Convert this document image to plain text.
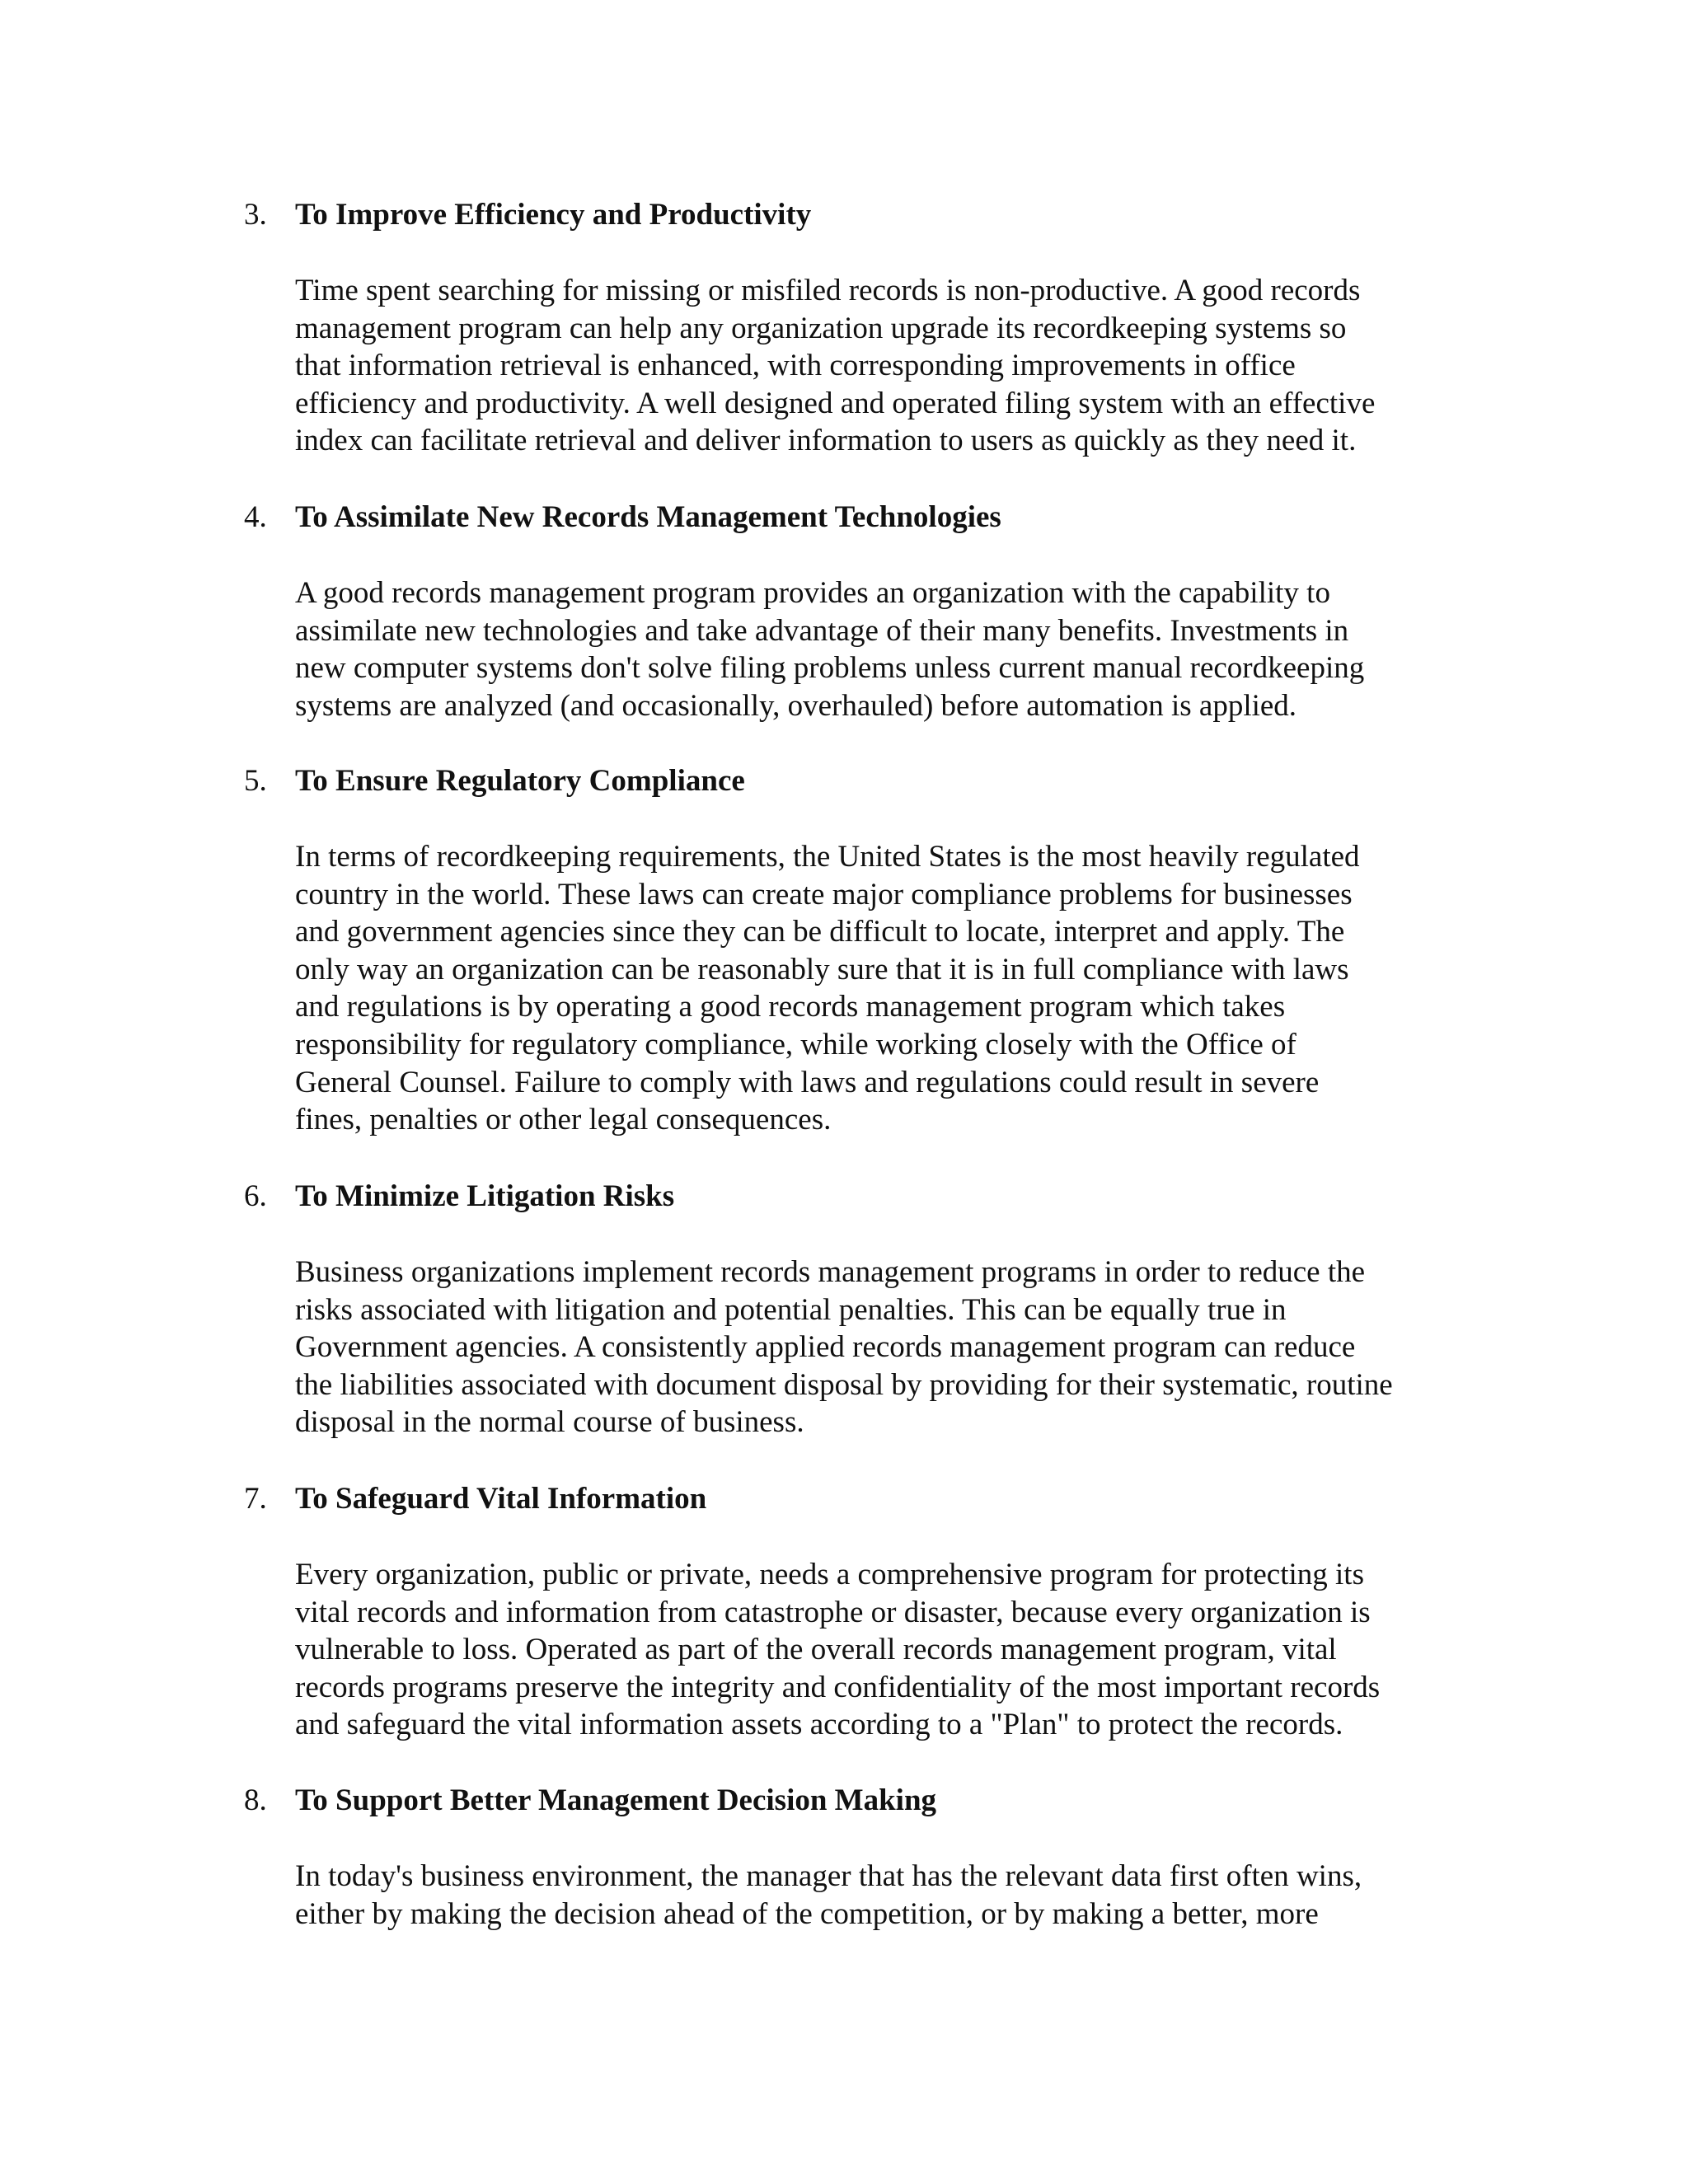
3. To Improve Efficiency and Productivity
Time spent searching for missing or misfiled records is non-productive. A good records
management program can help any organization upgrade its recordkeeping systems so
that information retrieval is enhanced, with corresponding improvements in office
efficiency and productivity. A well designed and operated filing system with an effective
index can facilitate retrieval and deliver information to users as quickly as they need it.
4. To Assimilate New Records Management Technologies
A good records management program provides an organization with the capability to
assimilate new technologies and take advantage of their many benefits. Investments in
new computer systems don't solve filing problems unless current manual recordkeeping
systems are analyzed (and occasionally, overhauled) before automation is applied.
5. To Ensure Regulatory Compliance
In terms of recordkeeping requirements, the United States is the most heavily regulated
country in the world. These laws can create major compliance problems for businesses
and government agencies since they can be difficult to locate, interpret and apply. The
only way an organization can be reasonably sure that it is in full compliance with laws
and regulations is by operating a good records management program which takes
responsibility for regulatory compliance, while working closely with the Office of
General Counsel. Failure to comply with laws and regulations could result in severe
fines, penalties or other legal consequences.
6. To Minimize Litigation Risks
Business organizations implement records management programs in order to reduce the
risks associated with litigation and potential penalties. This can be equally true in
Government agencies. A consistently applied records management program can reduce
the liabilities associated with document disposal by providing for their systematic, routine
disposal in the normal course of business.
7. To Safeguard Vital Information
Every organization, public or private, needs a comprehensive program for protecting its
vital records and information from catastrophe or disaster, because every organization is
vulnerable to loss. Operated as part of the overall records management program, vital
records programs preserve the integrity and confidentiality of the most important records
and safeguard the vital information assets according to a "Plan" to protect the records.
8. To Support Better Management Decision Making
In today's business environment, the manager that has the relevant data first often wins,
either by making the decision ahead of the competition, or by making a better, more
